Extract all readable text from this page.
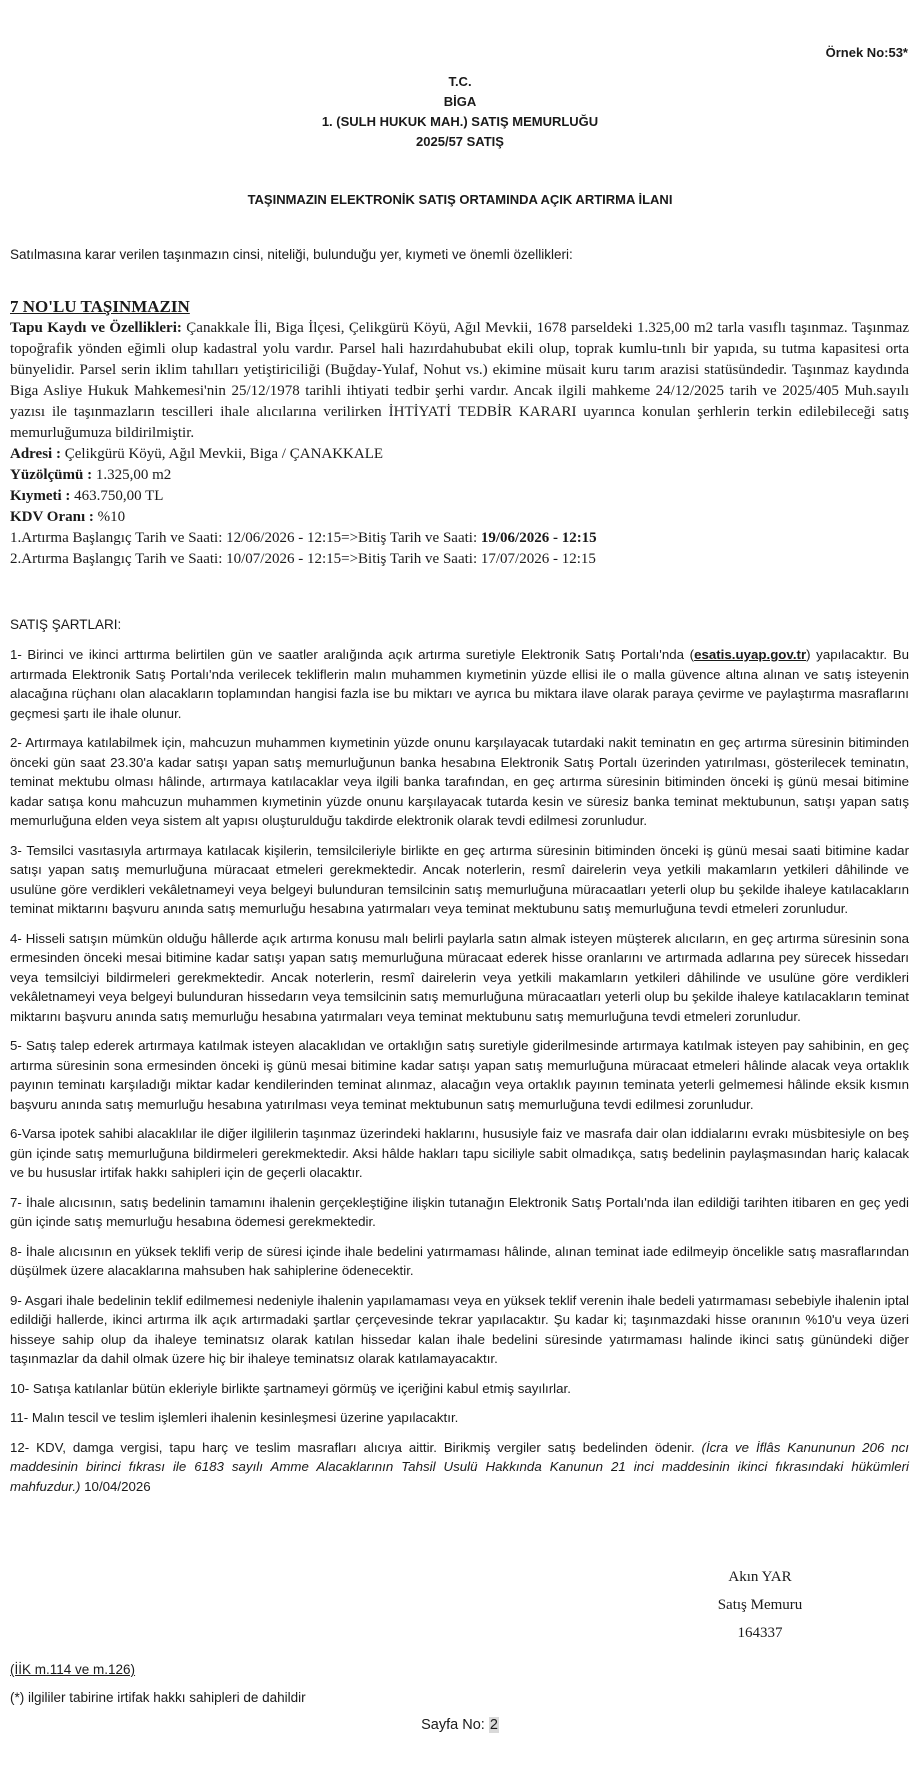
Örnek No:53*
T.C.
BİGA
1. (SULH HUKUK MAH.) SATIŞ MEMURLUĞU
2025/57 SATIŞ
TAŞINMAZIN ELEKTRONİK SATIŞ ORTAMINDA AÇIK ARTIRMA İLANI
Satılmasına karar verilen taşınmazın cinsi, niteliği, bulunduğu yer, kıymeti ve önemli özellikleri:
7 NO'LU TAŞINMAZIN

Tapu Kaydı ve Özellikleri: Çanakkale İli, Biga İlçesi, Çelikgürü Köyü, Ağıl Mevkii, 1678 parseldeki 1.325,00 m2 tarla vasıflı taşınmaz. Taşınmaz topoğrafik yönden eğimli olup kadastral yolu vardır. Parsel hali hazırdahububat ekili olup, toprak kumlu-tınlı bir yapıda, su tutma kapasitesi orta bünyelidir. Parsel serin iklim tahılları yetiştiriciliği (Buğday-Yulaf, Nohut vs.) ekimine müsait kuru tarım arazisi statüsündedir. Taşınmaz kaydında Biga Asliye Hukuk Mahkemesi'nin 25/12/1978 tarihli ihtiyati tedbir şerhi vardır. Ancak ilgili mahkeme 24/12/2025 tarih ve 2025/405 Muh.sayılı yazısı ile taşınmazların tescilleri ihale alıcılarına verilirken İHTİYATİ TEDBİR KARARI uyarınca konulan şerhlerin terkin edilebileceği satış memurluğumuza bildirilmiştir.

Adresi : Çelikgürü Köyü, Ağıl Mevkii, Biga / ÇANAKKALE

Yüzölçümü : 1.325,00 m2

Kıymeti : 463.750,00 TL

KDV Oranı : %10

1.Artırma Başlangıç Tarih ve Saati: 12/06/2026 - 12:15=>Bitiş Tarih ve Saati: 19/06/2026 - 12:15

2.Artırma Başlangıç Tarih ve Saati: 10/07/2026 - 12:15=>Bitiş Tarih ve Saati: 17/07/2026 - 12:15

SATIŞ ŞARTLARI:

1- Birinci ve ikinci arttırma belirtilen gün ve saatler aralığında açık artırma suretiyle Elektronik Satış Portalı'nda (esatis.uyap.gov.tr) yapılacaktır. Bu artırmada Elektronik Satış Portalı'nda verilecek tekliflerin malın muhammen kıymetinin yüzde ellisi ile o malla güvence altına alınan ve satış isteyenin alacağına rüçhanı olan alacakların toplamından hangisi fazla ise bu miktarı ve ayrıca bu miktara ilave olarak paraya çevirme ve paylaştırma masraflarını geçmesi şartı ile ihale olunur.

2- Artırmaya katılabilmek için, mahcuzun muhammen kıymetinin yüzde onunu karşılayacak tutardaki nakit teminatın en geç artırma süresinin bitiminden önceki gün saat 23.30'a kadar satışı yapan satış memurluğunun banka hesabına Elektronik Satış Portalı üzerinden yatırılması, gösterilecek teminatın, teminat mektubu olması hâlinde, artırmaya katılacaklar veya ilgili banka tarafından, en geç artırma süresinin bitiminden önceki iş günü mesai bitimine kadar satışa konu mahcuzun muhammen kıymetinin yüzde onunu karşılayacak tutarda kesin ve süresiz banka teminat mektubunun, satışı yapan satış memurluğuna elden veya sistem alt yapısı oluşturulduğu takdirde elektronik olarak tevdi edilmesi zorunludur.

3- Temsilci vasıtasıyla artırmaya katılacak kişilerin, temsilcileriyle birlikte en geç artırma süresinin bitiminden önceki iş günü mesai saati bitimine kadar satışı yapan satış memurluğuna müracaat etmeleri gerekmektedir. Ancak noterlerin, resmî dairelerin veya yetkili makamların yetkileri dâhilinde ve usulüne göre verdikleri vekâletnameyi veya belgeyi bulunduran temsilcinin satış memurluğuna müracaatları yeterli olup bu şekilde ihaleye katılacakların teminat miktarını başvuru anında satış memurluğu hesabına yatırmaları veya teminat mektubunu satış memurluğuna tevdi etmeleri zorunludur.

4- Hisseli satışın mümkün olduğu hâllerde açık artırma konusu malı belirli paylarla satın almak isteyen müşterek alıcıların, en geç artırma süresinin sona ermesinden önceki mesai bitimine kadar satışı yapan satış memurluğuna müracaat ederek hisse oranlarını ve artırmada adlarına pey sürecek hissedarı veya temsilciyi bildirmeleri gerekmektedir. Ancak noterlerin, resmî dairelerin veya yetkili makamların yetkileri dâhilinde ve usulüne göre verdikleri vekâletnameyi veya belgeyi bulunduran hissedarın veya temsilcinin satış memurluğuna müracaatları yeterli olup bu şekilde ihaleye katılacakların teminat miktarını başvuru anında satış memurluğu hesabına yatırmaları veya teminat mektubunu satış memurluğuna tevdi etmeleri zorunludur.

5- Satış talep ederek artırmaya katılmak isteyen alacaklıdan ve ortaklığın satış suretiyle giderilmesinde artırmaya katılmak isteyen pay sahibinin, en geç artırma süresinin sona ermesinden önceki iş günü mesai bitimine kadar satışı yapan satış memurluğuna müracaat etmeleri hâlinde alacak veya ortaklık payının teminatı karşıladığı miktar kadar kendilerinden teminat alınmaz, alacağın veya ortaklık payının teminata yeterli gelmemesi hâlinde eksik kısmın başvuru anında satış memurluğu hesabına yatırılması veya teminat mektubunun satış memurluğuna tevdi edilmesi zorunludur.

6-Varsa ipotek sahibi alacaklılar ile diğer ilgililerin taşınmaz üzerindeki haklarını, hususiyle faiz ve masrafa dair olan iddialarını evrakı müsbitesiyle on beş gün içinde satış memurluğuna bildirmeleri gerekmektedir. Aksi hâlde hakları tapu siciliyle sabit olmadıkça, satış bedelinin paylaşmasından hariç kalacak ve bu hususlar irtifak hakkı sahipleri için de geçerli olacaktır.

7- İhale alıcısının, satış bedelinin tamamını ihalenin gerçekleştiğine ilişkin tutanağın Elektronik Satış Portalı'nda ilan edildiği tarihten itibaren en geç yedi gün içinde satış memurluğu hesabına ödemesi gerekmektedir.

8- İhale alıcısının en yüksek teklifi verip de süresi içinde ihale bedelini yatırmaması hâlinde, alınan teminat iade edilmeyip öncelikle satış masraflarından düşülmek üzere alacaklarına mahsuben hak sahiplerine ödenecektir.

9- Asgari ihale bedelinin teklif edilmemesi nedeniyle ihalenin yapılamaması veya en yüksek teklif verenin ihale bedeli yatırmaması sebebiyle ihalenin iptal edildiği hallerde, ikinci artırma ilk açık artırmadaki şartlar çerçevesinde tekrar yapılacaktır. Şu kadar ki; taşınmazdaki hisse oranının %10'u veya üzeri hisseye sahip olup da ihaleye teminatsız olarak katılan hissedar kalan ihale bedelini süresinde yatırmaması halinde ikinci satış günündeki diğer taşınmazlar da dahil olmak üzere hiç bir ihaleye teminatsız olarak katılamayacaktır.

10- Satışa katılanlar bütün ekleriyle birlikte şartnameyi görmüş ve içeriğini kabul etmiş sayılırlar.

11- Malın tescil ve teslim işlemleri ihalenin kesinleşmesi üzerine yapılacaktır.

12- KDV, damga vergisi, tapu harç ve teslim masrafları alıcıya aittir. Birikmiş vergiler satış bedelinden ödenir. (İcra ve İflâs Kanununun 206 ncı maddesinin birinci fıkrası ile 6183 sayılı Amme Alacaklarının Tahsil Usulü Hakkında Kanunun 21 inci maddesinin ikinci fıkrasındaki hükümleri mahfuzdur.) 10/04/2026

Akın YAR
Satış Memuru
164337
(İİK m.114 ve m.126)
(*) ilgililer tabirine irtifak hakkı sahipleri de dahildir
Sayfa No: 2
